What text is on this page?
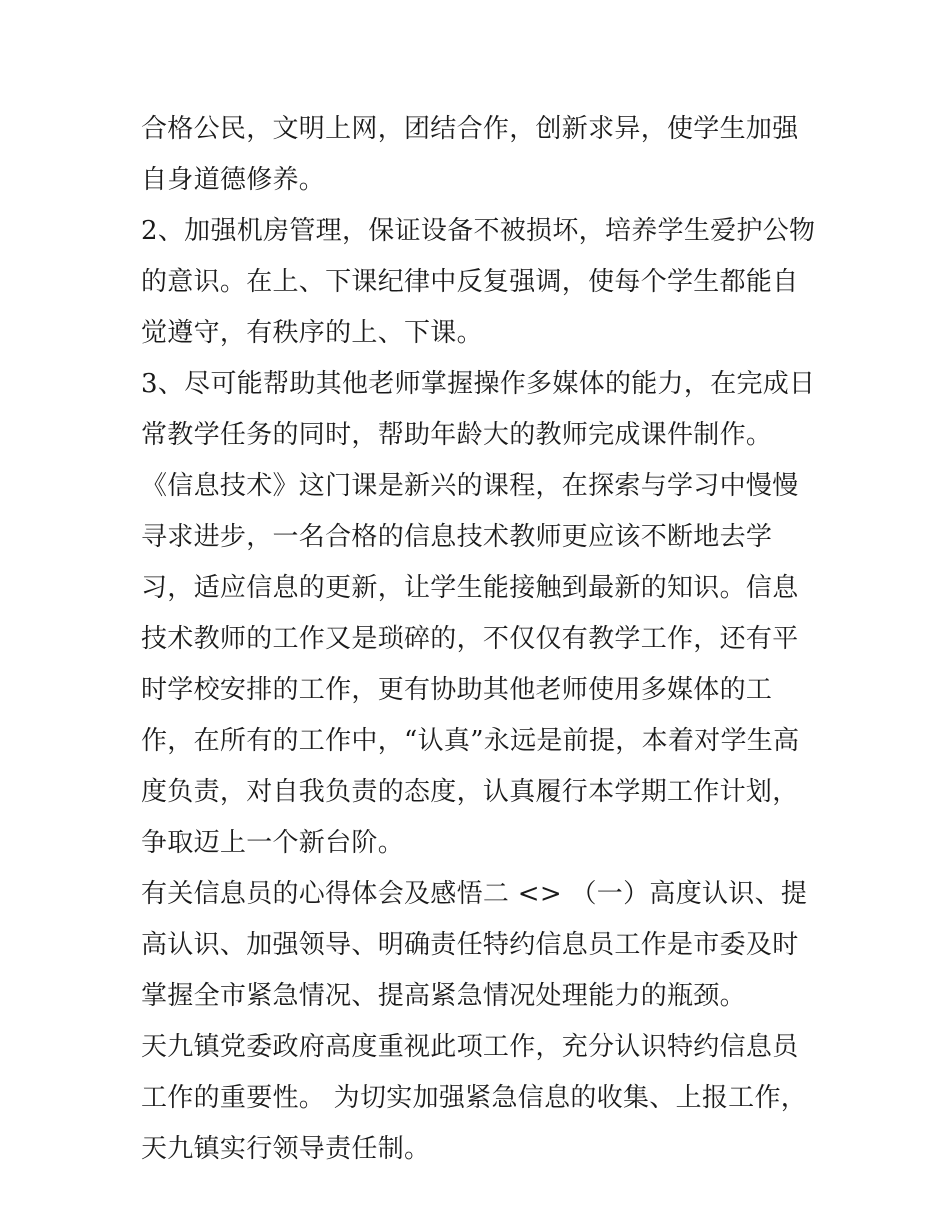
合格公民，文明上网，团结合作，创新求异，使学生加强自身道德修养。

2、加强机房管理，保证设备不被损坏，培养学生爱护公物的意识。在上、下课纪律中反复强调，使每个学生都能自觉遵守，有秩序的上、下课。

3、尽可能帮助其他老师掌握操作多媒体的能力，在完成日常教学任务的同时，帮助年龄大的教师完成课件制作。

《信息技术》这门课是新兴的课程，在探索与学习中慢慢寻求进步，一名合格的信息技术教师更应该不断地去学习，适应信息的更新，让学生能接触到最新的知识。信息技术教师的工作又是琐碎的，不仅仅有教学工作，还有平时学校安排的工作，更有协助其他老师使用多媒体的工作，在所有的工作中，“认真”永远是前提，本着对学生高度负责，对自我负责的态度，认真履行本学期工作计划，争取迈上一个新台阶。

有关信息员的心得体会及感悟二 <> （一）高度认识、提高认识、加强领导、明确责任特约信息员工作是市委及时掌握全市紧急情况、提高紧急情况处理能力的瓶颈。

天九镇党委政府高度重视此项工作，充分认识特约信息员工作的重要性。 为切实加强紧急信息的收集、上报工作，天九镇实行领导责任制。
